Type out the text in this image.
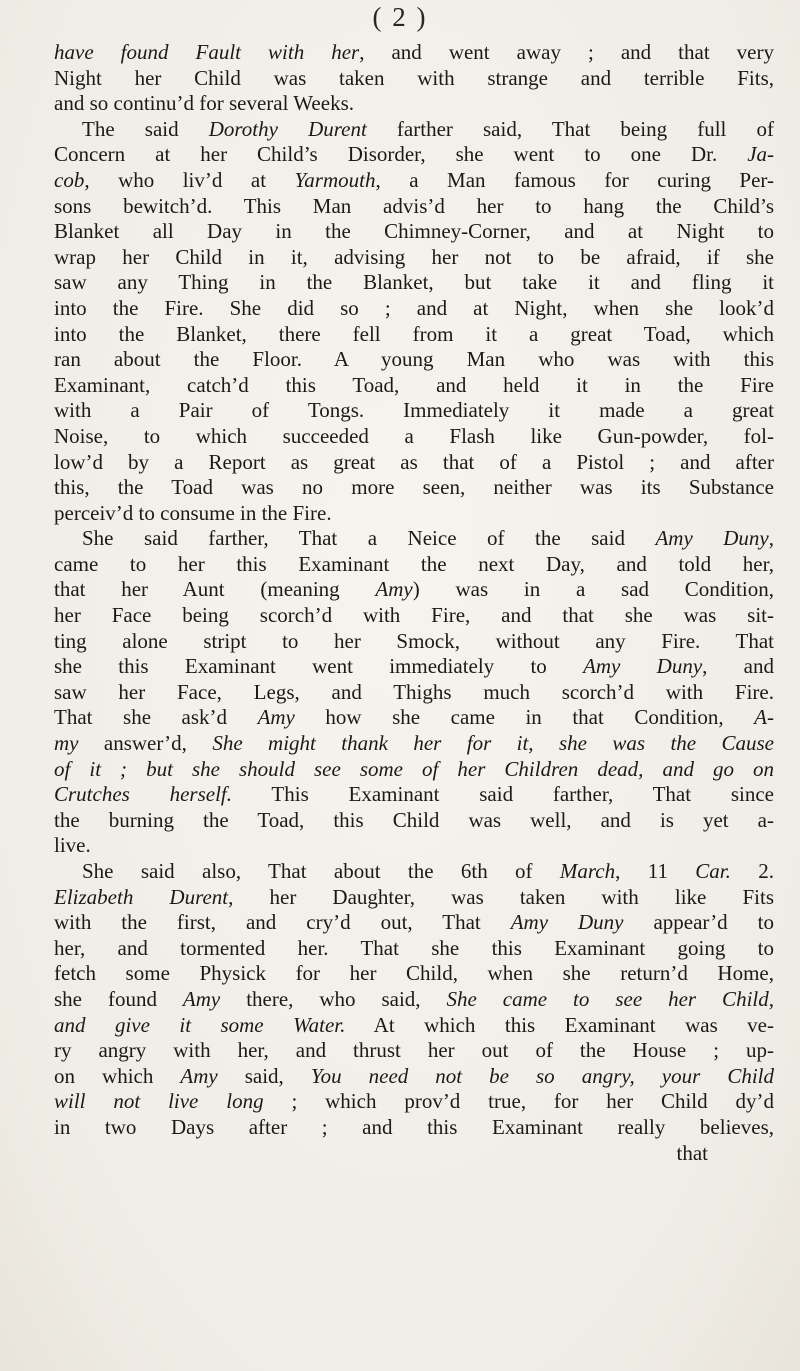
( 2 )
have found Fault with her, and went away ; and that very
Night her Child was taken with strange and terrible Fits,
and so continu’d for several Weeks.
The said Dorothy Durent farther said, That being full of
Concern at her Child’s Disorder, she went to one Dr. Ja-
cob, who liv’d at Yarmouth, a Man famous for curing Per-
sons bewitch’d. This Man advis’d her to hang the Child’s
Blanket all Day in the Chimney-Corner, and at Night to
wrap her Child in it, advising her not to be afraid, if she
saw any Thing in the Blanket, but take it and fling it
into the Fire. She did so ; and at Night, when she look’d
into the Blanket, there fell from it a great Toad, which
ran about the Floor. A young Man who was with this
Examinant, catch’d this Toad, and held it in the Fire
with a Pair of Tongs. Immediately it made a great
Noise, to which succeeded a Flash like Gun-powder, fol-
low’d by a Report as great as that of a Pistol ; and after
this, the Toad was no more seen, neither was its Substance
perceiv’d to consume in the Fire.
She said farther, That a Neice of the said Amy Duny,
came to her this Examinant the next Day, and told her,
that her Aunt (meaning Amy) was in a sad Condition,
her Face being scorch’d with Fire, and that she was sit-
ting alone stript to her Smock, without any Fire. That
she this Examinant went immediately to Amy Duny, and
saw her Face, Legs, and Thighs much scorch’d with Fire.
That she ask’d Amy how she came in that Condition, A-
my answer’d, She might thank her for it, she was the Cause
of it ; but she should see some of her Children dead, and go on
Crutches herself. This Examinant said farther, That since
the burning the Toad, this Child was well, and is yet a-
live.
She said also, That about the 6th of March, 11 Car. 2.
Elizabeth Durent, her Daughter, was taken with like Fits
with the first, and cry’d out, That Amy Duny appear’d to
her, and tormented her. That she this Examinant going to
fetch some Physick for her Child, when she return’d Home,
she found Amy there, who said, She came to see her Child,
and give it some Water. At which this Examinant was ve-
ry angry with her, and thrust her out of the House ; up-
on which Amy said, You need not be so angry, your Child
will not live long ; which prov’d true, for her Child dy’d
in two Days after ; and this Examinant really believes,
that
